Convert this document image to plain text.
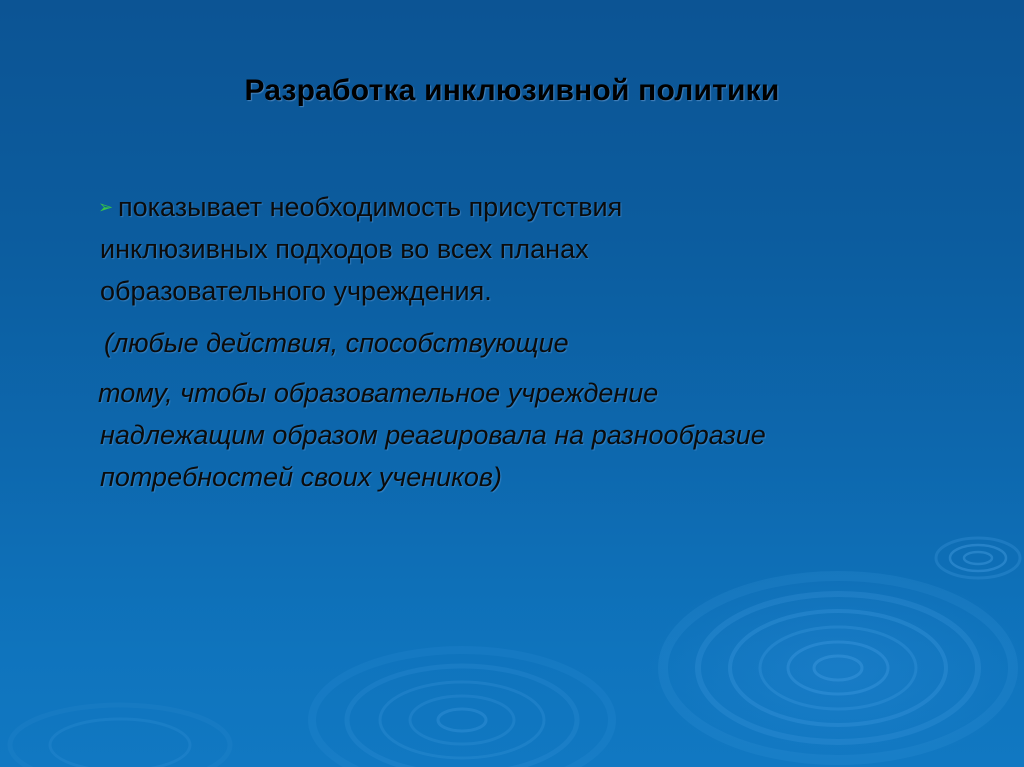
Разработка инклюзивной политики
➢ показывает необходимость присутствия
инклюзивных подходов во всех планах
образовательного учреждения.
(любые действия, способствующие
тому, чтобы образовательное учреждение
надлежащим образом реагировала на разнообразие
потребностей своих учеников)
